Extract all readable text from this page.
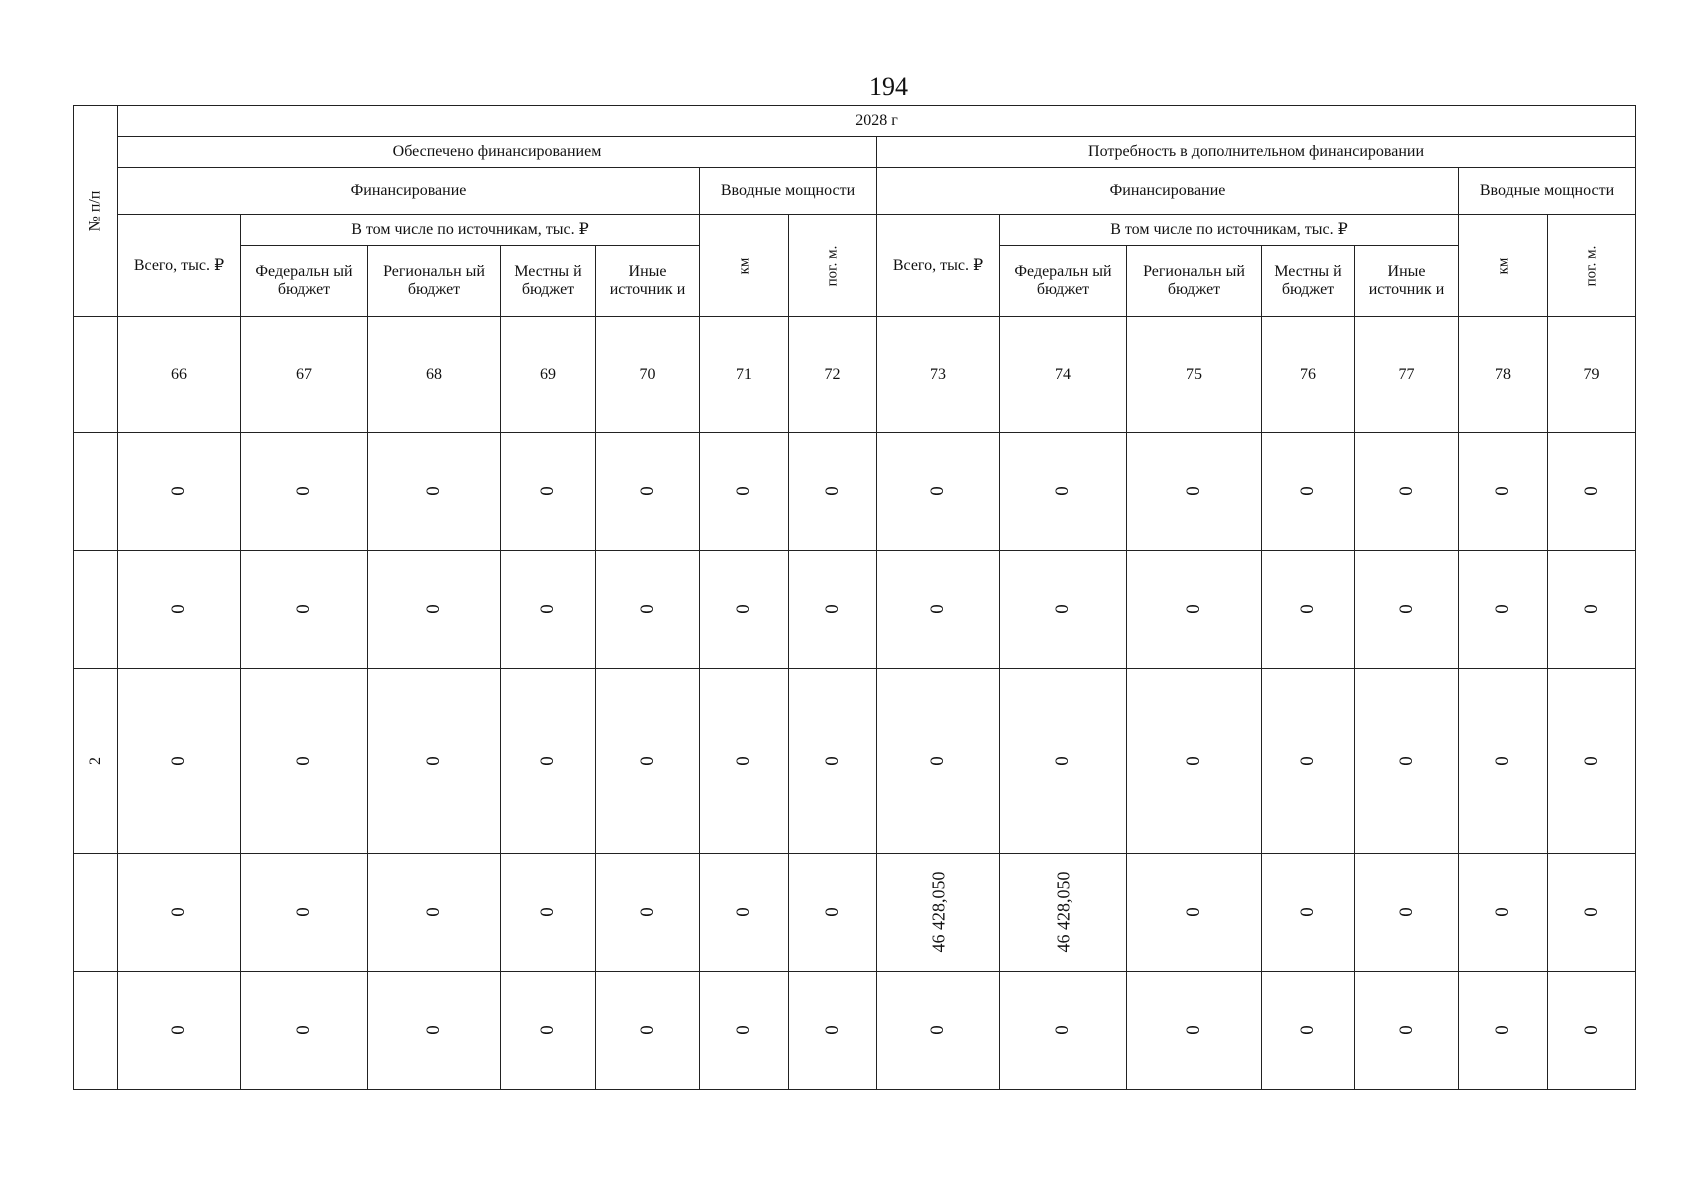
194
№ п/п	2028 г													
	Обеспечено финансированием							Потребность в дополнительном финансировании						
	Финансирование					Вводные мощности		Финансирование					Вводные мощности	
	Всего, тыс. ₽	В том числе по источникам, тыс. ₽				км	пог. м.	Всего, тыс. ₽	В том числе по источникам, тыс. ₽				км	пог. м.
		Федеральн ый бюджет	Региональн ый бюджет	Местны й бюджет	Иные источник и				Федеральн ый бюджет	Региональн ый бюджет	Местны й бюджет	Иные источник и		
	66	67	68	69	70	71	72	73	74	75	76	77	78	79
	0	0	0	0	0	0	0	0	0	0	0	0	0	0
	0	0	0	0	0	0	0	0	0	0	0	0	0	0
2	0	0	0	0	0	0	0	0	0	0	0	0	0	0
	0	0	0	0	0	0	0	46 428,050	46 428,050	0	0	0	0	0
	0	0	0	0	0	0	0	0	0	0	0	0	0	0
